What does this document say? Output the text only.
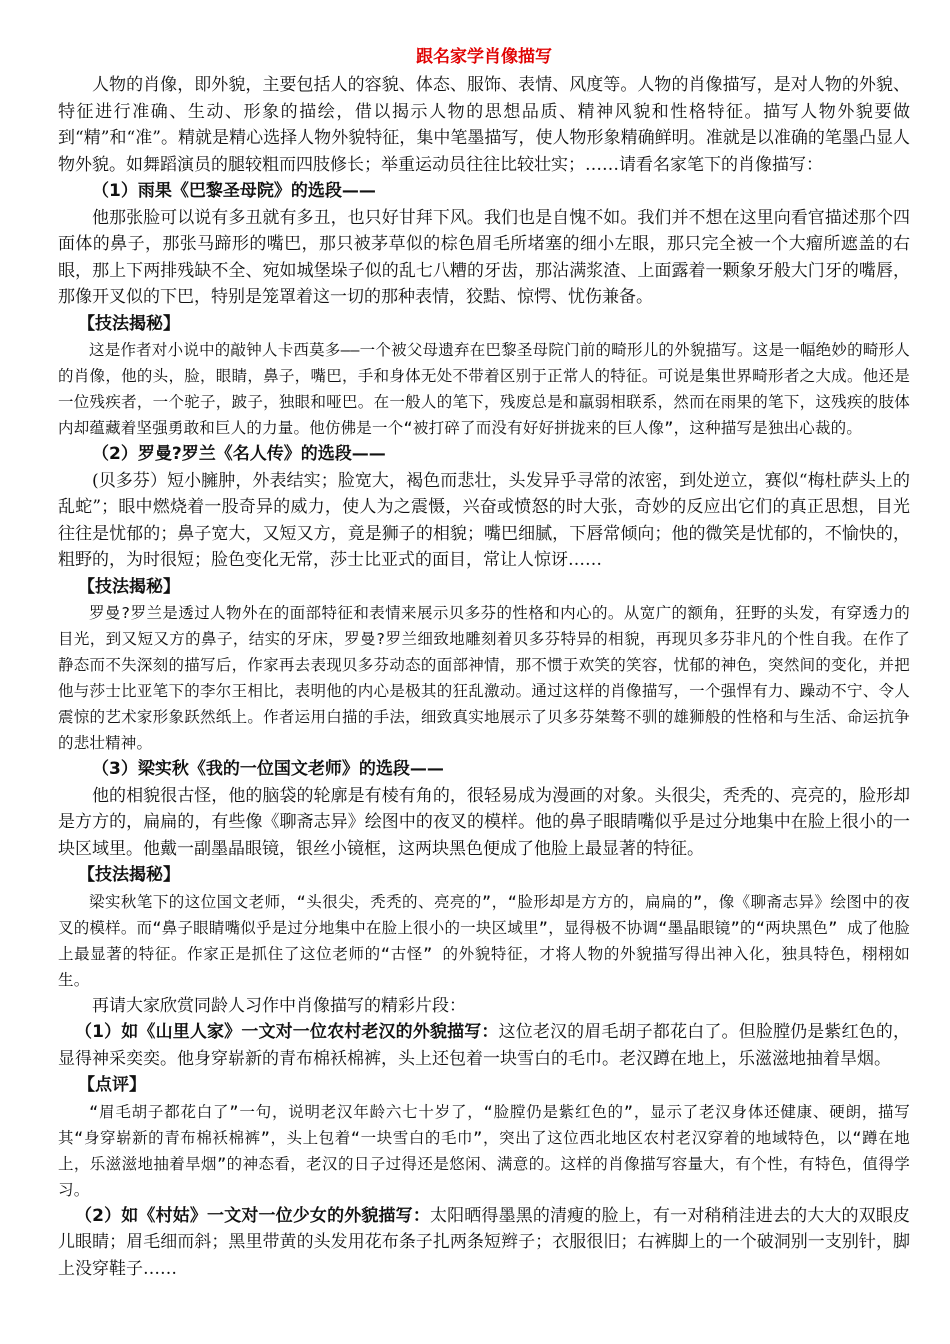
跟名家学肖像描写

人物的肖像，即外貌，主要包括人的容貌、体态、服饰、表情、风度等。人物的肖像描写，是对人物的外貌、特征进行准确、生动、形象的描绘，借以揭示人物的思想品质、精神风貌和性格特征。描写人物外貌要做到“精”和“准”。精就是精心选择人物外貌特征，集中笔墨描写，使人物形象精确鲜明。准就是以准确的笔墨凸显人物外貌。如舞蹈演员的腿较粗而四肢修长；举重运动员往往比较壮实；……请看名家笔下的肖像描写：

（1）雨果《巴黎圣母院》的选段——

他那张脸可以说有多丑就有多丑，也只好甘拜下风。我们也是自愧不如。我们并不想在这里向看官描述那个四面体的鼻子，那张马蹄形的嘴巴，那只被茅草似的棕色眉毛所堵塞的细小左眼，那只完全被一个大瘤所遮盖的右眼，那上下两排残缺不全、宛如城堡垛子似的乱七八糟的牙齿，那沾满浆渣、上面露着一颗象牙般大门牙的嘴唇，那像开叉似的下巴，特别是笼罩着这一切的那种表情，狡黠、惊愕、忧伤兼备。

【技法揭秘】

这是作者对小说中的敲钟人卡西莫多——一个被父母遗弃在巴黎圣母院门前的畸形儿的外貌描写。这是一幅绝妙的畸形人的肖像，他的头，脸，眼睛，鼻子，嘴巴，手和身体无处不带着区别于正常人的特征。可说是集世界畸形者之大成。他还是一位残疾者，一个驼子，跛子，独眼和哑巴。在一般人的笔下，残废总是和羸弱相联系，然而在雨果的笔下，这残疾的肢体内却蕴藏着坚强勇敢和巨人的力量。他仿佛是一个“被打碎了而没有好好拼拢来的巨人像”，这种描写是独出心裁的。

（2）罗曼?罗兰《名人传》的选段——

(贝多芬）短小臃肿，外表结实；脸宽大，褐色而悲壮，头发异乎寻常的浓密，到处逆立，赛似“梅杜萨头上的乱蛇”；眼中燃烧着一股奇异的威力，使人为之震慑，兴奋或愤怒的时大张，奇妙的反应出它们的真正思想，目光往往是忧郁的；鼻子宽大，又短又方，竟是狮子的相貌；嘴巴细腻，下唇常倾向；他的微笑是忧郁的，不愉快的，粗野的，为时很短；脸色变化无常，莎士比亚式的面目，常让人惊讶……

【技法揭秘】

罗曼?罗兰是透过人物外在的面部特征和表情来展示贝多芬的性格和内心的。从宽广的额角，狂野的头发，有穿透力的目光，到又短又方的鼻子，结实的牙床，罗曼?罗兰细致地雕刻着贝多芬特异的相貌，再现贝多芬非凡的个性自我。在作了静态而不失深刻的描写后，作家再去表现贝多芬动态的面部神情，那不惯于欢笑的笑容，忧郁的神色，突然间的变化，并把他与莎士比亚笔下的李尔王相比，表明他的内心是极其的狂乱激动。通过这样的肖像描写，一个强悍有力、躁动不宁、令人震惊的艺术家形象跃然纸上。作者运用白描的手法，细致真实地展示了贝多芬桀骜不驯的雄狮般的性格和与生活、命运抗争的悲壮精神。

（3）梁实秋《我的一位国文老师》的选段——

他的相貌很古怪，他的脑袋的轮廓是有棱有角的，很轻易成为漫画的对象。头很尖，秃秃的、亮亮的，脸形却是方方的，扁扁的，有些像《聊斋志异》绘图中的夜叉的模样。他的鼻子眼睛嘴似乎是过分地集中在脸上很小的一块区域里。他戴一副墨晶眼镜，银丝小镜框，这两块黑色便成了他脸上最显著的特征。

【技法揭秘】

梁实秋笔下的这位国文老师，“头很尖，秃秃的、亮亮的”，“脸形却是方方的，扁扁的”，像《聊斋志异》绘图中的夜叉的模样。而“鼻子眼睛嘴似乎是过分地集中在脸上很小的一块区域里”，显得极不协调“墨晶眼镜”的“两块黑色” 成了他脸上最显著的特征。作家正是抓住了这位老师的“古怪” 的外貌特征，才将人物的外貌描写得出神入化，独具特色，栩栩如生。

再请大家欣赏同龄人习作中肖像描写的精彩片段：

（1）如《山里人家》一文对一位农村老汉的外貌描写：这位老汉的眉毛胡子都花白了。但脸膛仍是紫红色的，显得神采奕奕。他身穿崭新的青布棉袄棉裤，头上还包着一块雪白的毛巾。老汉蹲在地上，乐滋滋地抽着旱烟。

【点评】

“眉毛胡子都花白了”一句，说明老汉年龄六七十岁了，“脸膛仍是紫红色的”，显示了老汉身体还健康、硬朗，描写其“身穿崭新的青布棉袄棉裤”，头上包着“一块雪白的毛巾”，突出了这位西北地区农村老汉穿着的地域特色，以“蹲在地上，乐滋滋地抽着旱烟”的神态看，老汉的日子过得还是悠闲、满意的。这样的肖像描写容量大，有个性，有特色，值得学习。

（2）如《村姑》一文对一位少女的外貌描写：太阳晒得墨黑的清瘦的脸上，有一对稍稍洼进去的大大的双眼皮儿眼睛；眉毛细而斜；黑里带黄的头发用花布条子扎两条短辫子；衣服很旧；右裤脚上的一个破洞别一支别针，脚上没穿鞋子……
